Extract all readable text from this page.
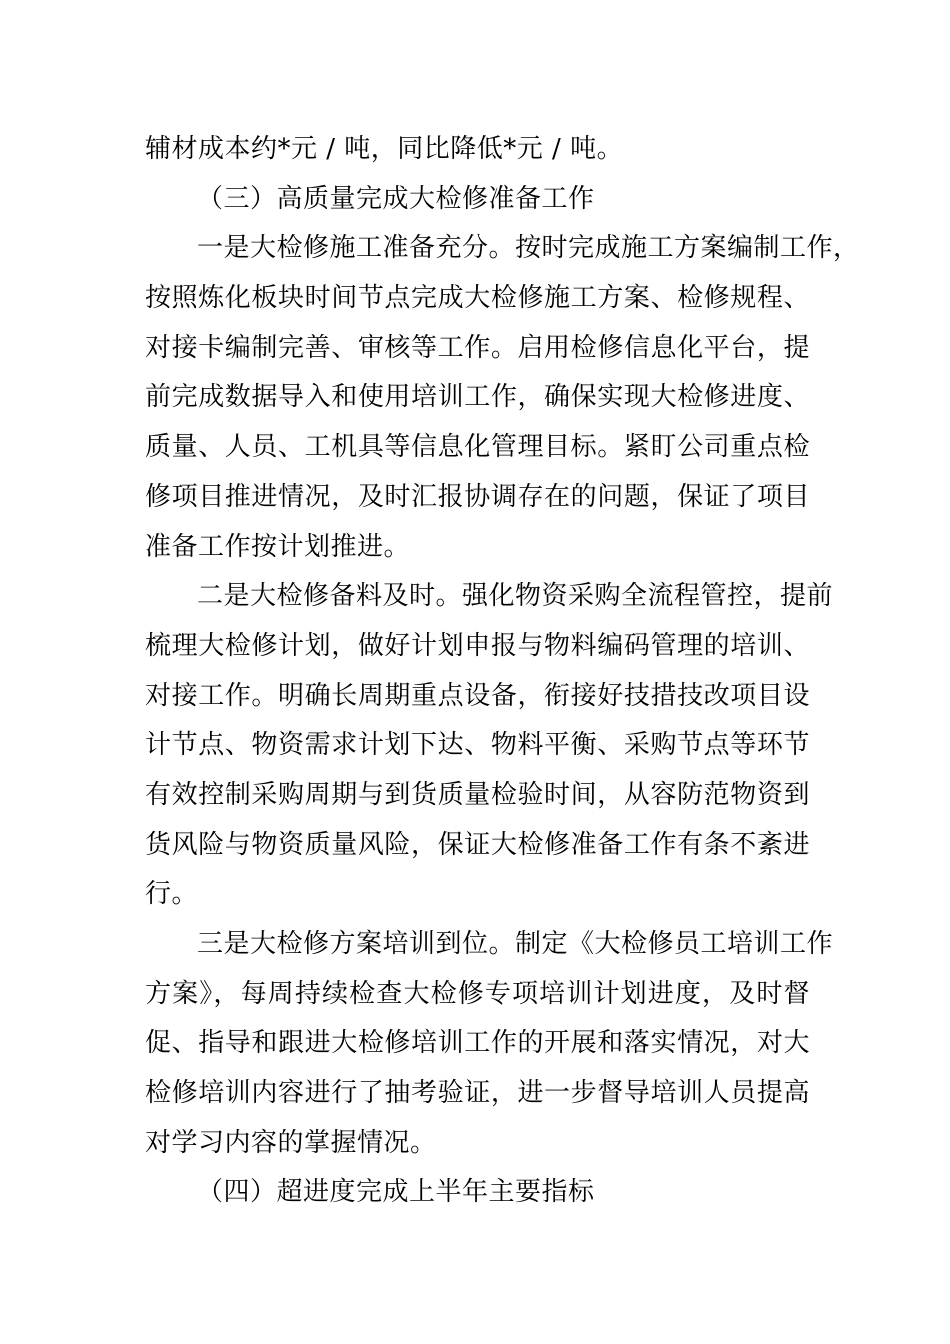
辅材成本约*元 / 吨，同比降低*元 / 吨。
（三）高质量完成大检修准备工作
一是大检修施工准备充分。按时完成施工方案编制工作，
按照炼化板块时间节点完成大检修施工方案、检修规程、
对接卡编制完善、审核等工作。启用检修信息化平台，提
前完成数据导入和使用培训工作，确保实现大检修进度、
质量、人员、工机具等信息化管理目标。紧盯公司重点检
修项目推进情况，及时汇报协调存在的问题，保证了项目
准备工作按计划推进。
二是大检修备料及时。强化物资采购全流程管控，提前
梳理大检修计划，做好计划申报与物料编码管理的培训、
对接工作。明确长周期重点设备，衔接好技措技改项目设
计节点、物资需求计划下达、物料平衡、采购节点等环节
有效控制采购周期与到货质量检验时间，从容防范物资到
货风险与物资质量风险，保证大检修准备工作有条不紊进
行。
三是大检修方案培训到位。制定《大检修员工培训工作
方案》，每周持续检查大检修专项培训计划进度，及时督
促、指导和跟进大检修培训工作的开展和落实情况，对大
检修培训内容进行了抽考验证，进一步督导培训人员提高
对学习内容的掌握情况。
（四）超进度完成上半年主要指标
